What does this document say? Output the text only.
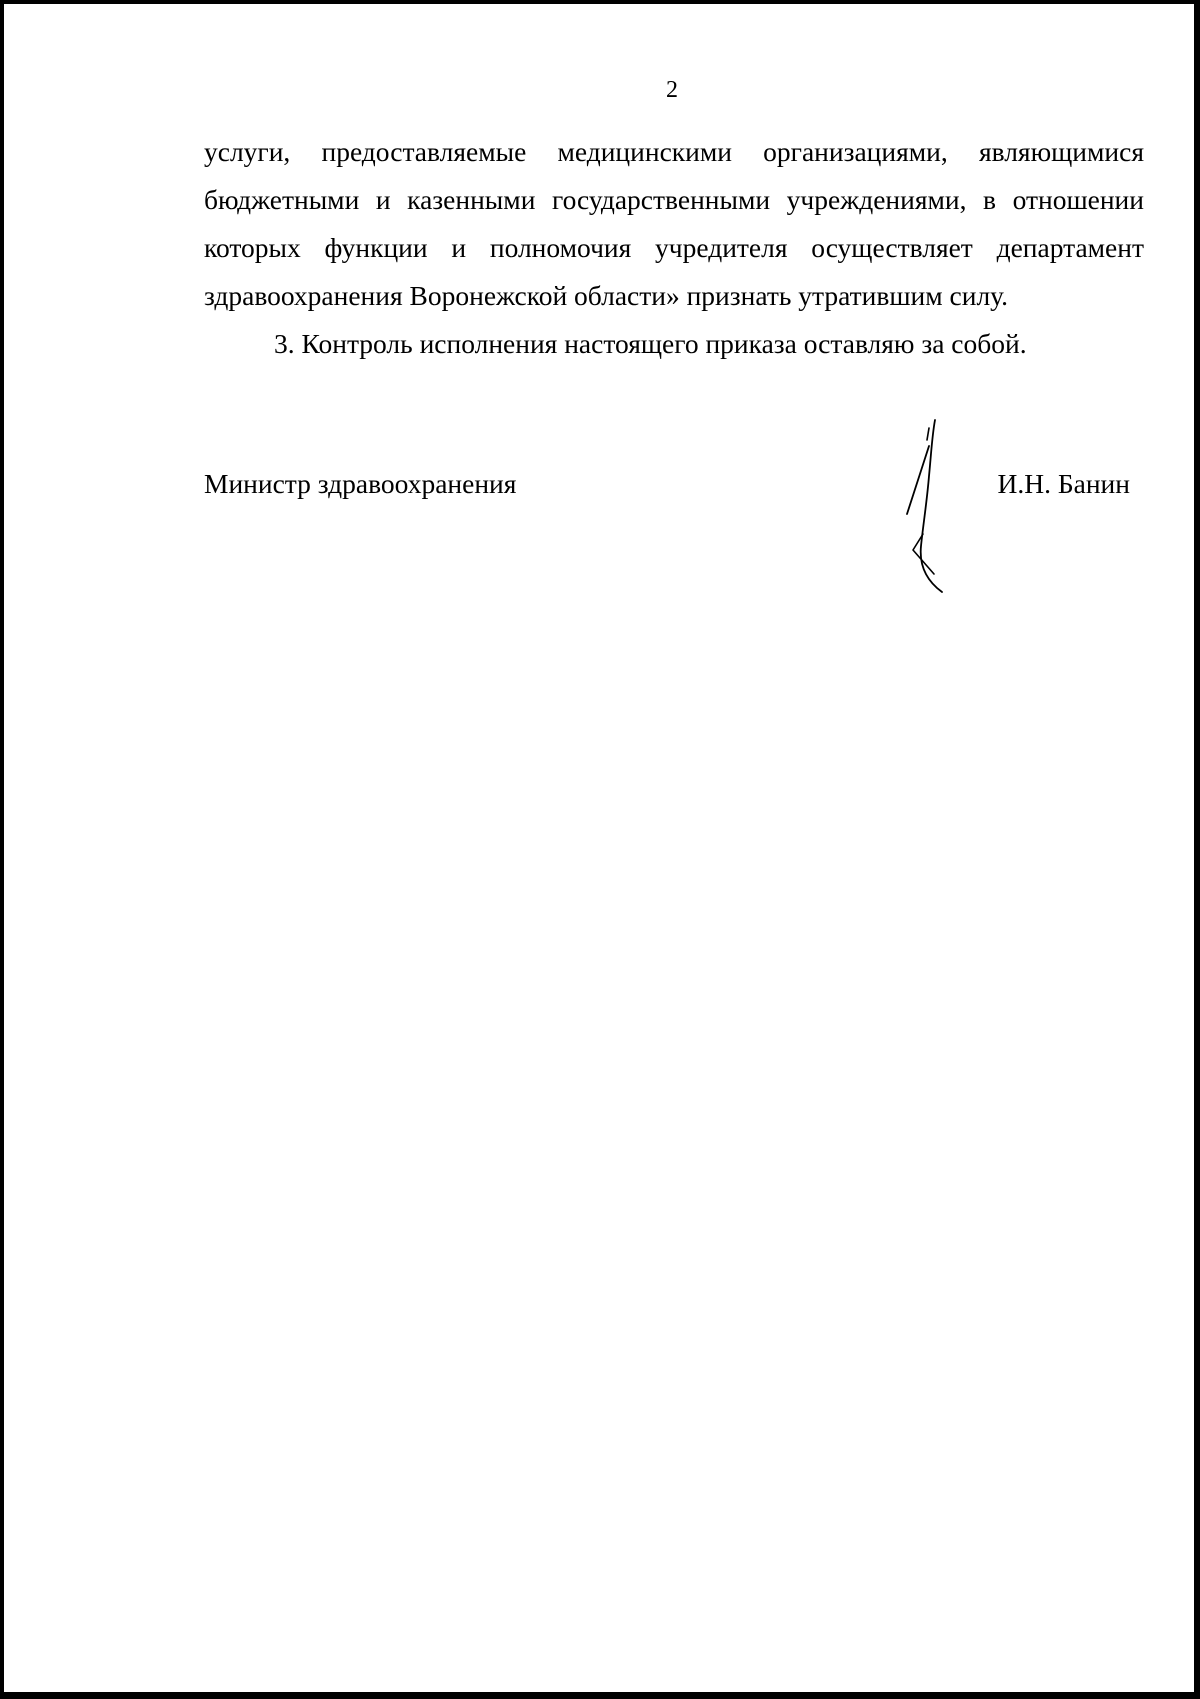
2

услуги, предоставляемые медицинскими организациями, являющимися
бюджетными и казенными государственными учреждениями, в отношении
которых функции и полномочия учредителя осуществляет департамент
здравоохранения Воронежской области» признать утратившим силу.

3. Контроль исполнения настоящего приказа оставляю за собой.

Министр здравоохранения	И.Н. Банин
